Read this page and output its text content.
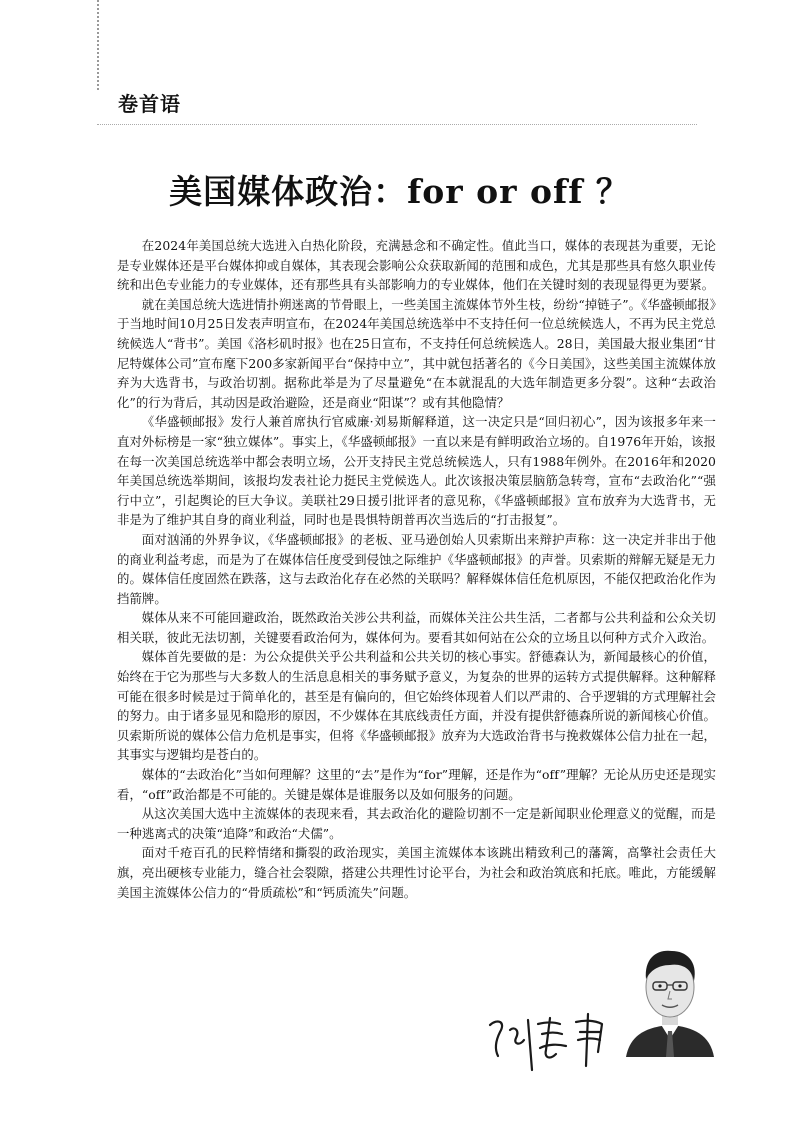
卷首语
美国媒体政治：for or off ？

在2024年美国总统大选进入白热化阶段，充满悬念和不确定性。值此当口，媒体的表现甚为重要，无论是专业媒体还是平台媒体抑或自媒体，其表现会影响公众获取新闻的范围和成色，尤其是那些具有悠久职业传统和出色专业能力的专业媒体，还有那些具有头部影响力的专业媒体，他们在关键时刻的表现显得更为要紧。

就在美国总统大选进情扑朔迷离的节骨眼上，一些美国主流媒体节外生枝，纷纷“掉链子”。《华盛顿邮报》于当地时间10月25日发表声明宣布，在2024年美国总统选举中不支持任何一位总统候选人，不再为民主党总统候选人“背书”。美国《洛杉矶时报》也在25日宣布，不支持任何总统候选人。28日，美国最大报业集团“甘尼特媒体公司”宣布麾下200多家新闻平台“保持中立”，其中就包括著名的《今日美国》，这些美国主流媒体放弃为大选背书，与政治切割。据称此举是为了尽量避免“在本就混乱的大选年制造更多分裂”。这种“去政治化”的行为背后，其动因是政治避险，还是商业“阳谋”？或有其他隐情？

《华盛顿邮报》发行人兼首席执行官威廉·刘易斯解释道，这一决定只是“回归初心”，因为该报多年来一直对外标榜是一家“独立媒体”。事实上，《华盛顿邮报》一直以来是有鲜明政治立场的。自1976年开始，该报在每一次美国总统选举中都会表明立场，公开支持民主党总统候选人，只有1988年例外。在2016年和2020年美国总统选举期间，该报均发表社论力挺民主党候选人。此次该报决策层脑筋急转弯，宣布“去政治化”“强行中立”，引起舆论的巨大争议。美联社29日援引批评者的意见称，《华盛顿邮报》宣布放弃为大选背书，无非是为了维护其自身的商业利益，同时也是畏惧特朗普再次当选后的“打击报复”。

面对汹涌的外界争议，《华盛顿邮报》的老板、亚马逊创始人贝索斯出来辩护声称：这一决定并非出于他的商业利益考虑，而是为了在媒体信任度受到侵蚀之际维护《华盛顿邮报》的声誉。贝索斯的辩解无疑是无力的。媒体信任度固然在跌落，这与去政治化存在必然的关联吗？解释媒体信任危机原因，不能仅把政治化作为挡箭牌。

媒体从来不可能回避政治，既然政治关涉公共利益，而媒体关注公共生活，二者都与公共利益和公众关切相关联，彼此无法切割，关键要看政治何为，媒体何为。要看其如何站在公众的立场且以何种方式介入政治。

媒体首先要做的是：为公众提供关乎公共利益和公共关切的核心事实。舒德森认为，新闻最核心的价值，始终在于它为那些与大多数人的生活息息相关的事务赋予意义，为复杂的世界的运转方式提供解释。这种解释可能在很多时候是过于简单化的，甚至是有偏向的，但它始终体现着人们以严肃的、合乎逻辑的方式理解社会的努力。由于诸多显见和隐形的原因，不少媒体在其底线责任方面，并没有提供舒德森所说的新闻核心价值。贝索斯所说的媒体公信力危机是事实，但将《华盛顿邮报》放弃为大选政治背书与挽救媒体公信力扯在一起，其事实与逻辑均是苍白的。

媒体的“去政治化”当如何理解？这里的“去”是作为“for”理解，还是作为“off”理解？无论从历史还是现实看，“off”政治都是不可能的。关键是媒体是谁服务以及如何服务的问题。

从这次美国大选中主流媒体的表现来看，其去政治化的避险切割不一定是新闻职业伦理意义的觉醒，而是一种逃离式的决策“追降”和政治“犬儒”。

面对千疮百孔的民粹情绪和撕裂的政治现实，美国主流媒体本该跳出精致利己的藩篱，高擎社会责任大旗，亮出硬核专业能力，缝合社会裂隙，搭建公共理性讨论平台，为社会和政治筑底和托底。唯此，方能缓解美国主流媒体公信力的“骨质疏松”和“钙质流失”问题。
